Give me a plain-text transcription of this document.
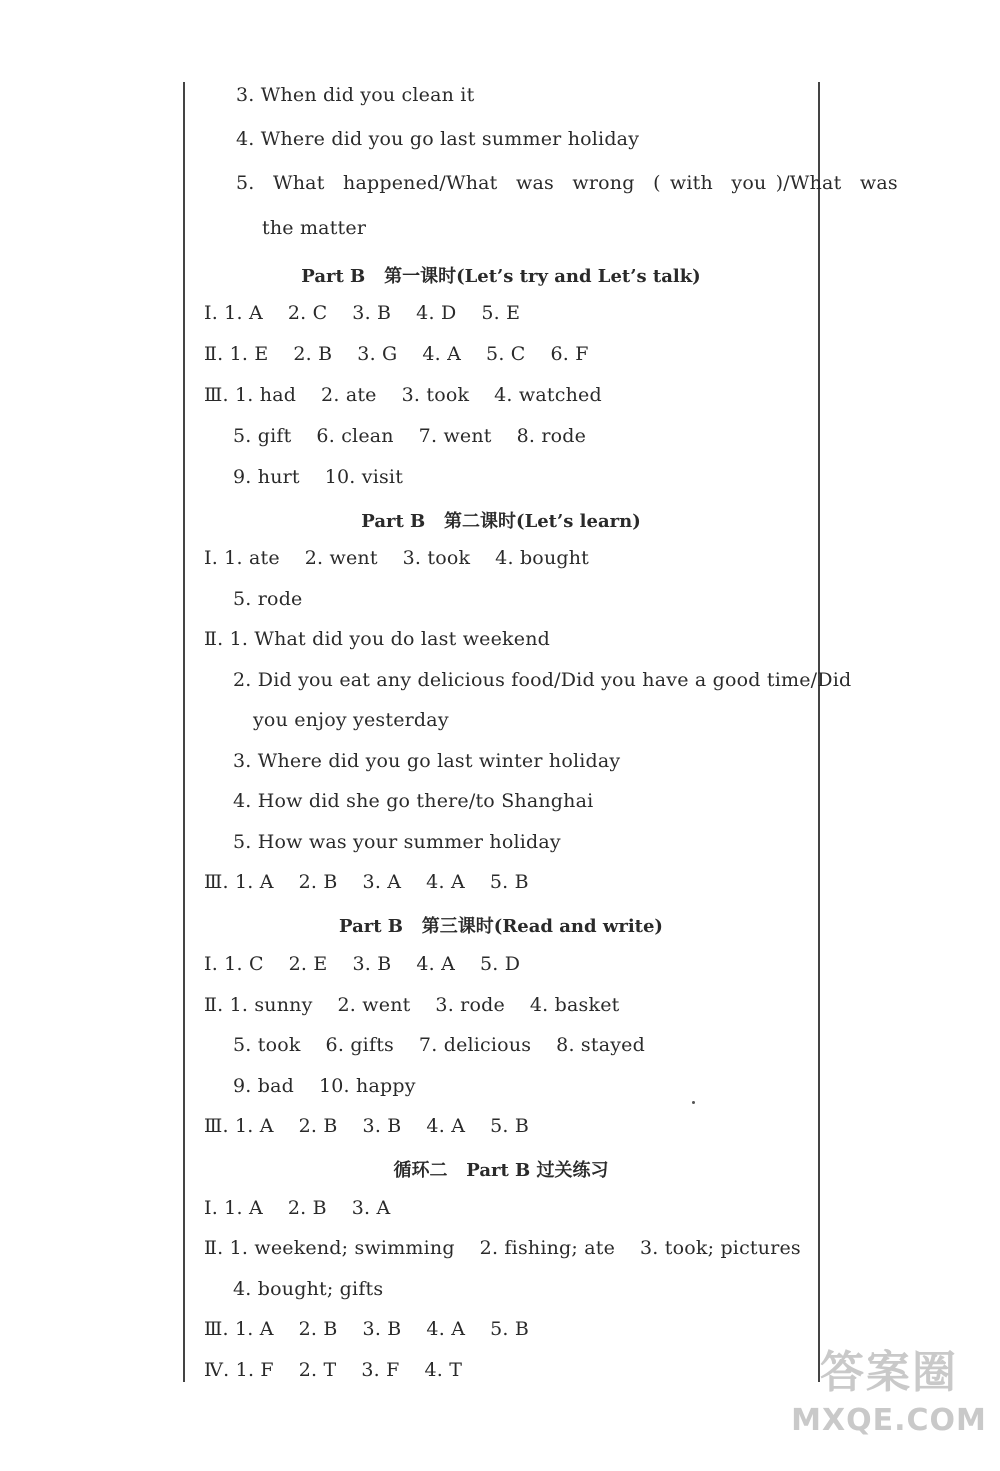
3. When did you clean it
4. Where did you go last summer holiday
5.  What  happened/What  was  wrong  ( with  you )/What  was
the matter
Part B   第一课时(Let’s try and Let’s talk)
Ⅰ. 1. A    2. C    3. B    4. D    5. E
Ⅱ. 1. E    2. B    3. G    4. A    5. C    6. F
Ⅲ. 1. had    2. ate    3. took    4. watched
5. gift    6. clean    7. went    8. rode
9. hurt    10. visit
Part B   第二课时(Let’s learn)
Ⅰ. 1. ate    2. went    3. took    4. bought
5. rode
Ⅱ. 1. What did you do last weekend
2. Did you eat any delicious food/Did you have a good time/Did
you enjoy yesterday
3. Where did you go last winter holiday
4. How did she go there/to Shanghai
5. How was your summer holiday
Ⅲ. 1. A    2. B    3. A    4. A    5. B
Part B   第三课时(Read and write)
Ⅰ. 1. C    2. E    3. B    4. A    5. D
Ⅱ. 1. sunny    2. went    3. rode    4. basket
5. took    6. gifts    7. delicious    8. stayed
9. bad    10. happy
Ⅲ. 1. A    2. B    3. B    4. A    5. B
循环二   Part B 过关练习
Ⅰ. 1. A    2. B    3. A
Ⅱ. 1. weekend; swimming    2. fishing; ate    3. took; pictures
4. bought; gifts
Ⅲ. 1. A    2. B    3. B    4. A    5. B
Ⅳ. 1. F    2. T    3. F    4. T	答案圈
MXQE.COM
